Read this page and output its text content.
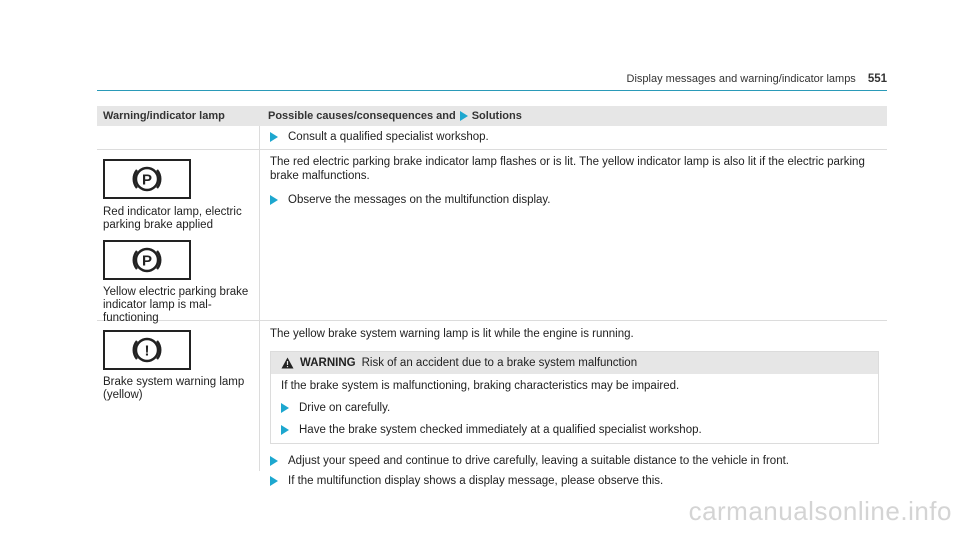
Display messages and warning/indicator lamps 551
Warning/indicator lamp	Possible causes/consequences and Solutions
Consult a qualified specialist workshop.
P
Red indicator lamp, electric parking brake applied
P
Yellow electric parking brake indicator lamp is mal-functioning
The red electric parking brake indicator lamp flashes or is lit. The yellow indicator lamp is also lit if the electric parking brake malfunctions.
Observe the messages on the multifunction display.
!
Brake system warning lamp (yellow)
The yellow brake system warning lamp is lit while the engine is running.
WARNING Risk of an accident due to a brake system malfunction
If the brake system is malfunctioning, braking characteristics may be impaired.
Drive on carefully.
Have the brake system checked immediately at a qualified specialist workshop.
Adjust your speed and continue to drive carefully, leaving a suitable distance to the vehicle in front.
If the multifunction display shows a display message, please observe this.
carmanualsonline.info
